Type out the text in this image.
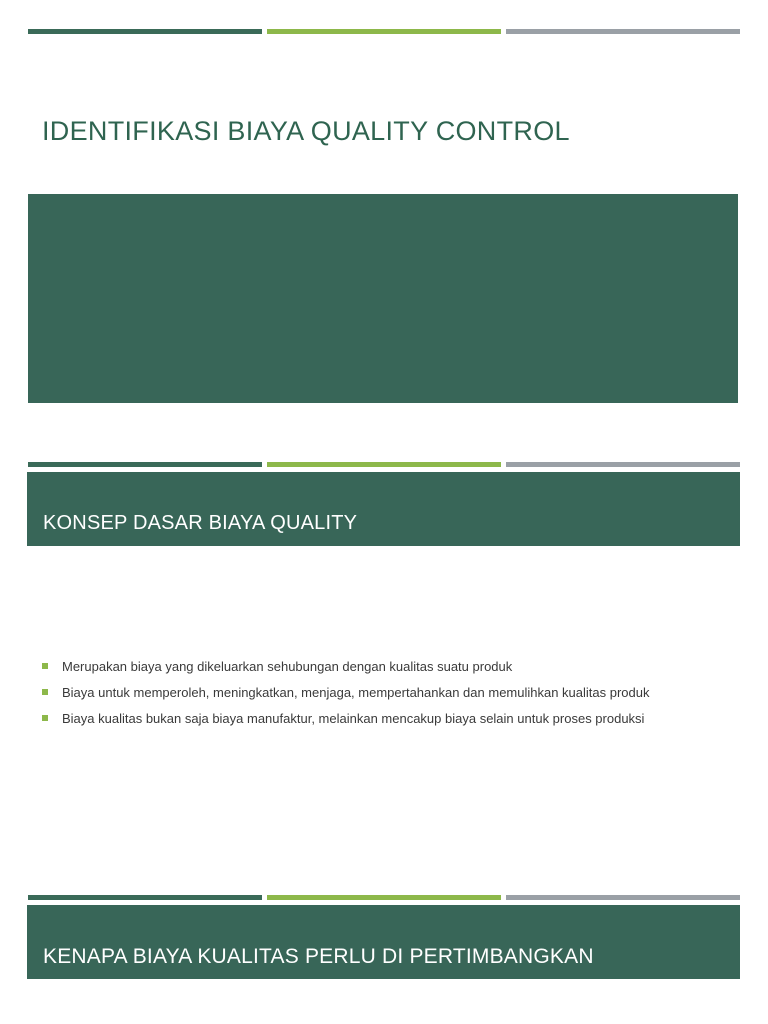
IDENTIFIKASI BIAYA QUALITY CONTROL
KONSEP DASAR BIAYA QUALITY
Merupakan biaya yang dikeluarkan sehubungan dengan kualitas suatu produk
Biaya untuk memperoleh, meningkatkan, menjaga, mempertahankan dan memulihkan kualitas produk
Biaya kualitas bukan saja biaya manufaktur, melainkan mencakup biaya selain untuk proses produksi
KENAPA BIAYA KUALITAS PERLU DI PERTIMBANGKAN
